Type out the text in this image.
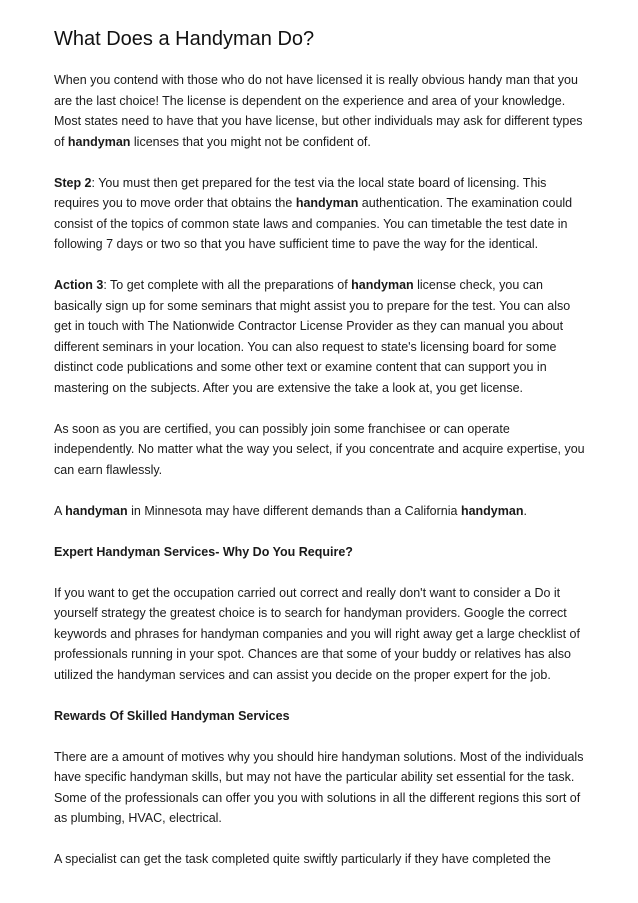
What Does a Handyman Do?

When you contend with those who do not have licensed it is really obvious handy man that you are the last choice! The license is dependent on the experience and area of your knowledge. Most states need to have that you have license, but other individuals may ask for different types of handyman licenses that you might not be confident of.

Step 2: You must then get prepared for the test via the local state board of licensing. This requires you to move order that obtains the handyman authentication. The examination could consist of the topics of common state laws and companies. You can timetable the test date in following 7 days or two so that you have sufficient time to pave the way for the identical.

Action 3: To get complete with all the preparations of handyman license check, you can basically sign up for some seminars that might assist you to prepare for the test. You can also get in touch with The Nationwide Contractor License Provider as they can manual you about different seminars in your location. You can also request to state's licensing board for some distinct code publications and some other text or examine content that can support you in mastering on the subjects. After you are extensive the take a look at, you get license.

As soon as you are certified, you can possibly join some franchisee or can operate independently. No matter what the way you select, if you concentrate and acquire expertise, you can earn flawlessly.

A handyman in Minnesota may have different demands than a California handyman.

Expert Handyman Services- Why Do You Require?

If you want to get the occupation carried out correct and really don't want to consider a Do it yourself strategy the greatest choice is to search for handyman providers. Google the correct keywords and phrases for handyman companies and you will right away get a large checklist of professionals running in your spot. Chances are that some of your buddy or relatives has also utilized the handyman services and can assist you decide on the proper expert for the job.

Rewards Of Skilled Handyman Services

There are a amount of motives why you should hire handyman solutions. Most of the individuals have specific handyman skills, but may not have the particular ability set essential for the task. Some of the professionals can offer you you with solutions in all the different regions this sort of as plumbing, HVAC, electrical.

A specialist can get the task completed quite swiftly particularly if they have completed the
